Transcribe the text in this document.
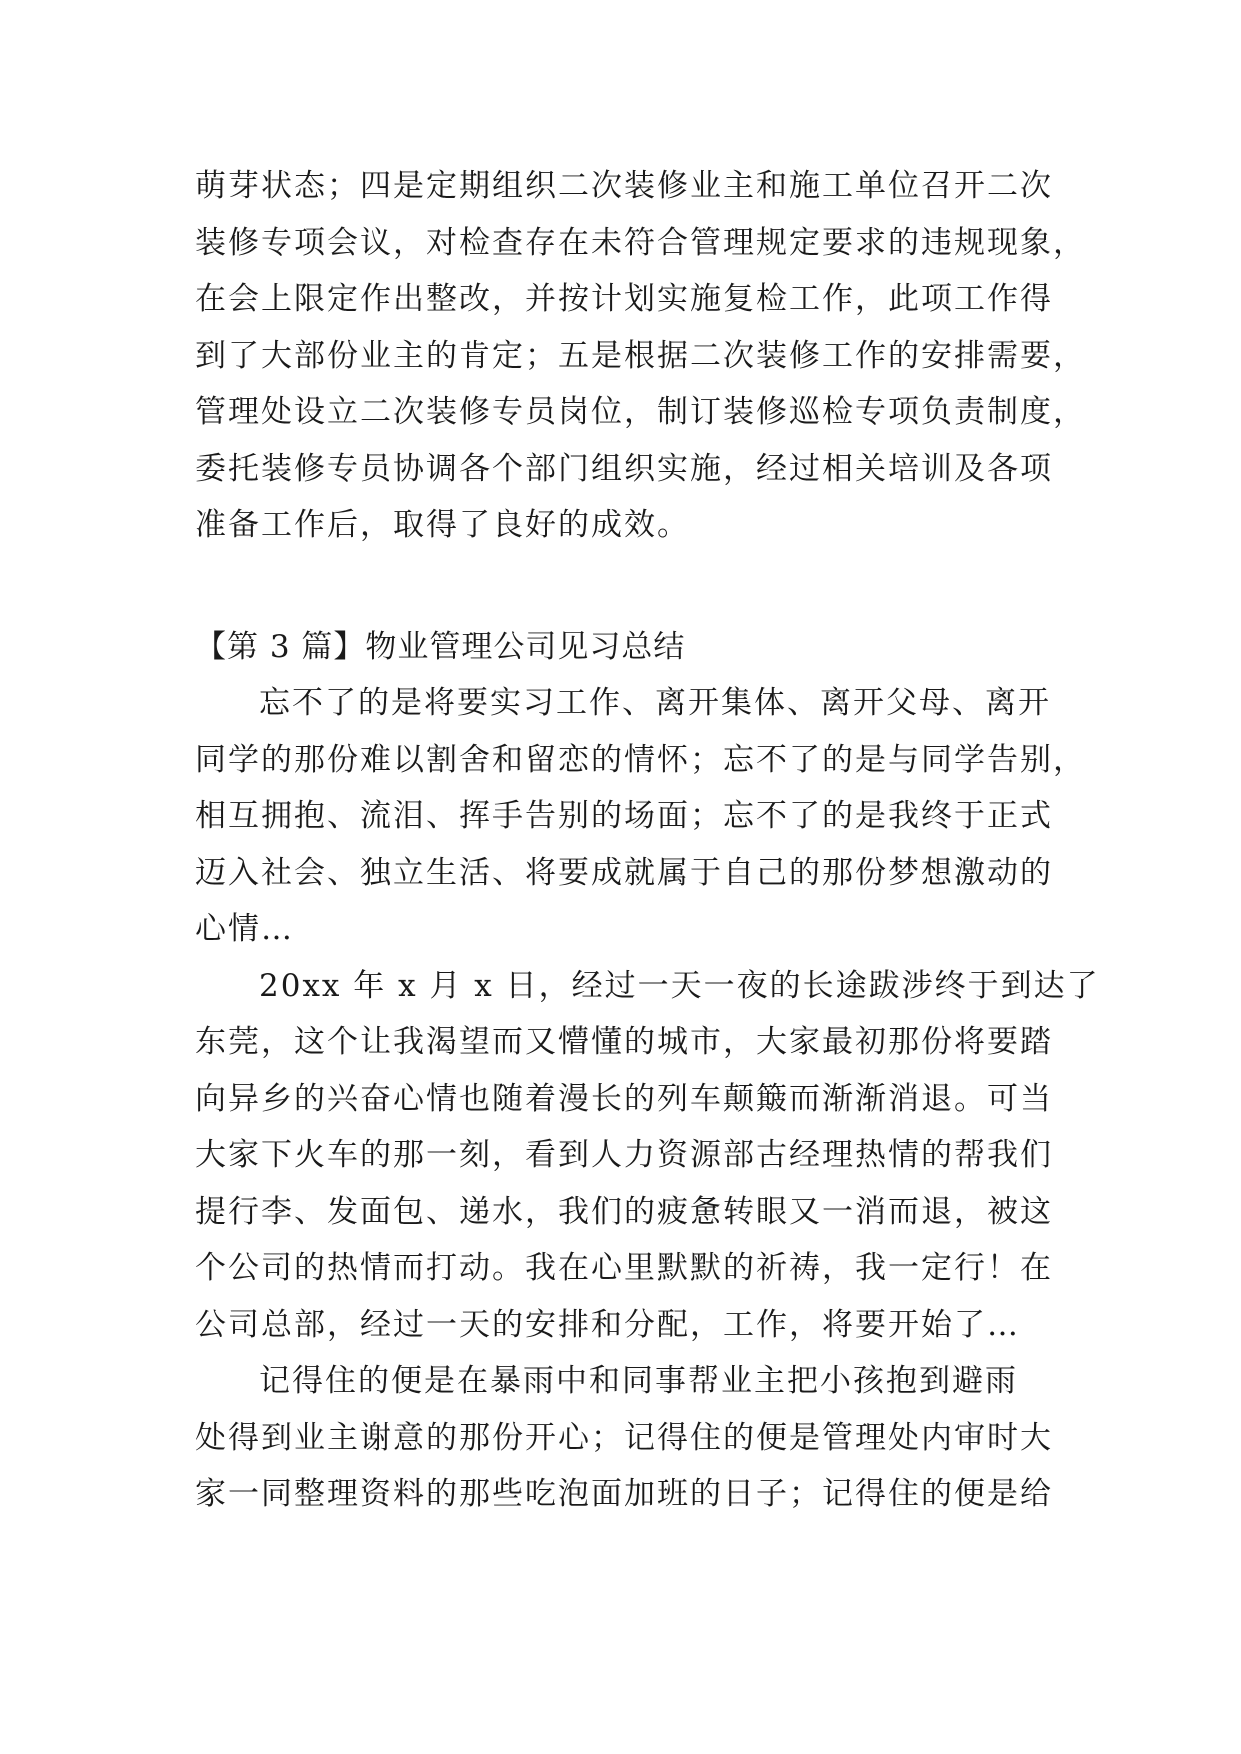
萌芽状态；四是定期组织二次装修业主和施工单位召开二次
装修专项会议，对检查存在未符合管理规定要求的违规现象，
在会上限定作出整改，并按计划实施复检工作，此项工作得
到了大部份业主的肯定；五是根据二次装修工作的安排需要，
管理处设立二次装修专员岗位，制订装修巡检专项负责制度，
委托装修专员协调各个部门组织实施，经过相关培训及各项
准备工作后，取得了良好的成效。
【第 3 篇】物业管理公司见习总结
忘不了的是将要实习工作、离开集体、离开父母、离开
同学的那份难以割舍和留恋的情怀；忘不了的是与同学告别，
相互拥抱、流泪、挥手告别的场面；忘不了的是我终于正式
迈入社会、独立生活、将要成就属于自己的那份梦想激动的
心情…
20xx 年 x 月 x 日，经过一天一夜的长途跋涉终于到达了
东莞，这个让我渴望而又懵懂的城市，大家最初那份将要踏
向异乡的兴奋心情也随着漫长的列车颠簸而渐渐消退。可当
大家下火车的那一刻，看到人力资源部古经理热情的帮我们
提行李、发面包、递水，我们的疲惫转眼又一消而退，被这
个公司的热情而打动。我在心里默默的祈祷，我一定行！在
公司总部，经过一天的安排和分配，工作，将要开始了…
记得住的便是在暴雨中和同事帮业主把小孩抱到避雨
处得到业主谢意的那份开心；记得住的便是管理处内审时大
家一同整理资料的那些吃泡面加班的日子；记得住的便是给
